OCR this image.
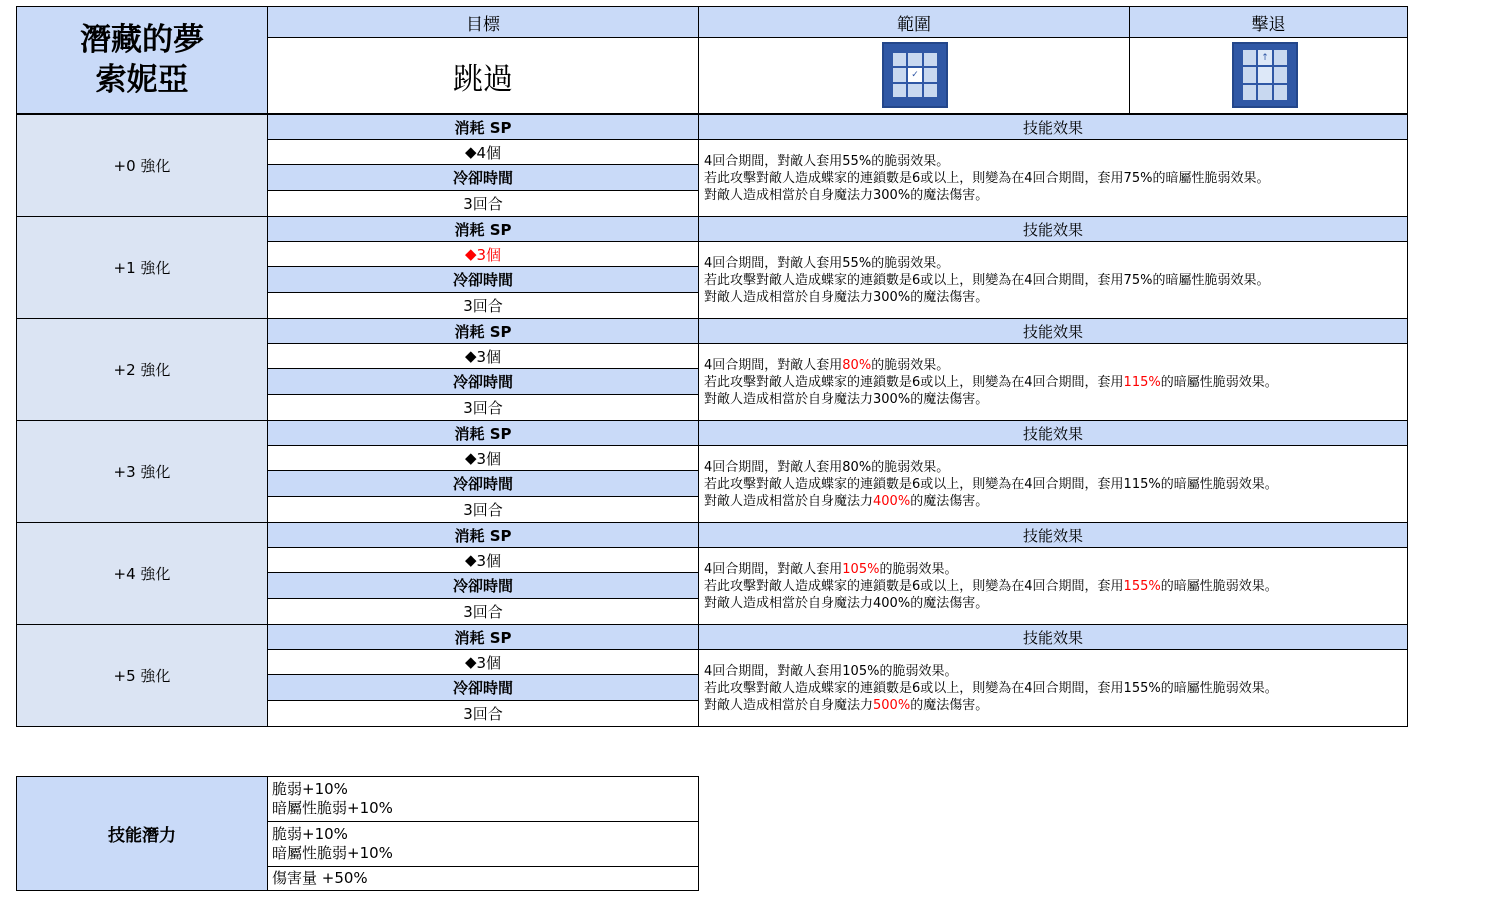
潛藏的夢
索妮亞
目標
跳過
範圍
✓
擊退
↑
+0 強化
消耗 SP
◆ 4個
冷卻時間
3回合
技能效果
4回合期間，對敵人套用55%的脆弱效果。
若此攻擊對敵人造成蝶家的連鎖數是6或以上，則變為在4回合期間，套用75%的暗屬性脆弱效果。
對敵人造成相當於自身魔法力300%的魔法傷害。
+1 強化
消耗 SP
◆ 3個
冷卻時間
3回合
技能效果
4回合期間，對敵人套用55%的脆弱效果。
若此攻擊對敵人造成蝶家的連鎖數是6或以上，則變為在4回合期間，套用75%的暗屬性脆弱效果。
對敵人造成相當於自身魔法力300%的魔法傷害。
+2 強化
消耗 SP
◆ 3個
冷卻時間
3回合
技能效果
4回合期間，對敵人套用80%的脆弱效果。
若此攻擊對敵人造成蝶家的連鎖數是6或以上，則變為在4回合期間，套用115%的暗屬性脆弱效果。
對敵人造成相當於自身魔法力300%的魔法傷害。
+3 強化
消耗 SP
◆ 3個
冷卻時間
3回合
技能效果
4回合期間，對敵人套用80%的脆弱效果。
若此攻擊對敵人造成蝶家的連鎖數是6或以上，則變為在4回合期間，套用115%的暗屬性脆弱效果。
對敵人造成相當於自身魔法力400%的魔法傷害。
+4 強化
消耗 SP
◆ 3個
冷卻時間
3回合
技能效果
4回合期間，對敵人套用105%的脆弱效果。
若此攻擊對敵人造成蝶家的連鎖數是6或以上，則變為在4回合期間，套用155%的暗屬性脆弱效果。
對敵人造成相當於自身魔法力400%的魔法傷害。
+5 強化
消耗 SP
◆ 3個
冷卻時間
3回合
技能效果
4回合期間，對敵人套用105%的脆弱效果。
若此攻擊對敵人造成蝶家的連鎖數是6或以上，則變為在4回合期間，套用155%的暗屬性脆弱效果。
對敵人造成相當於自身魔法力500%的魔法傷害。
技能潛力
脆弱+10%
暗屬性脆弱+10%
脆弱+10%
暗屬性脆弱+10%
傷害量 +50%
